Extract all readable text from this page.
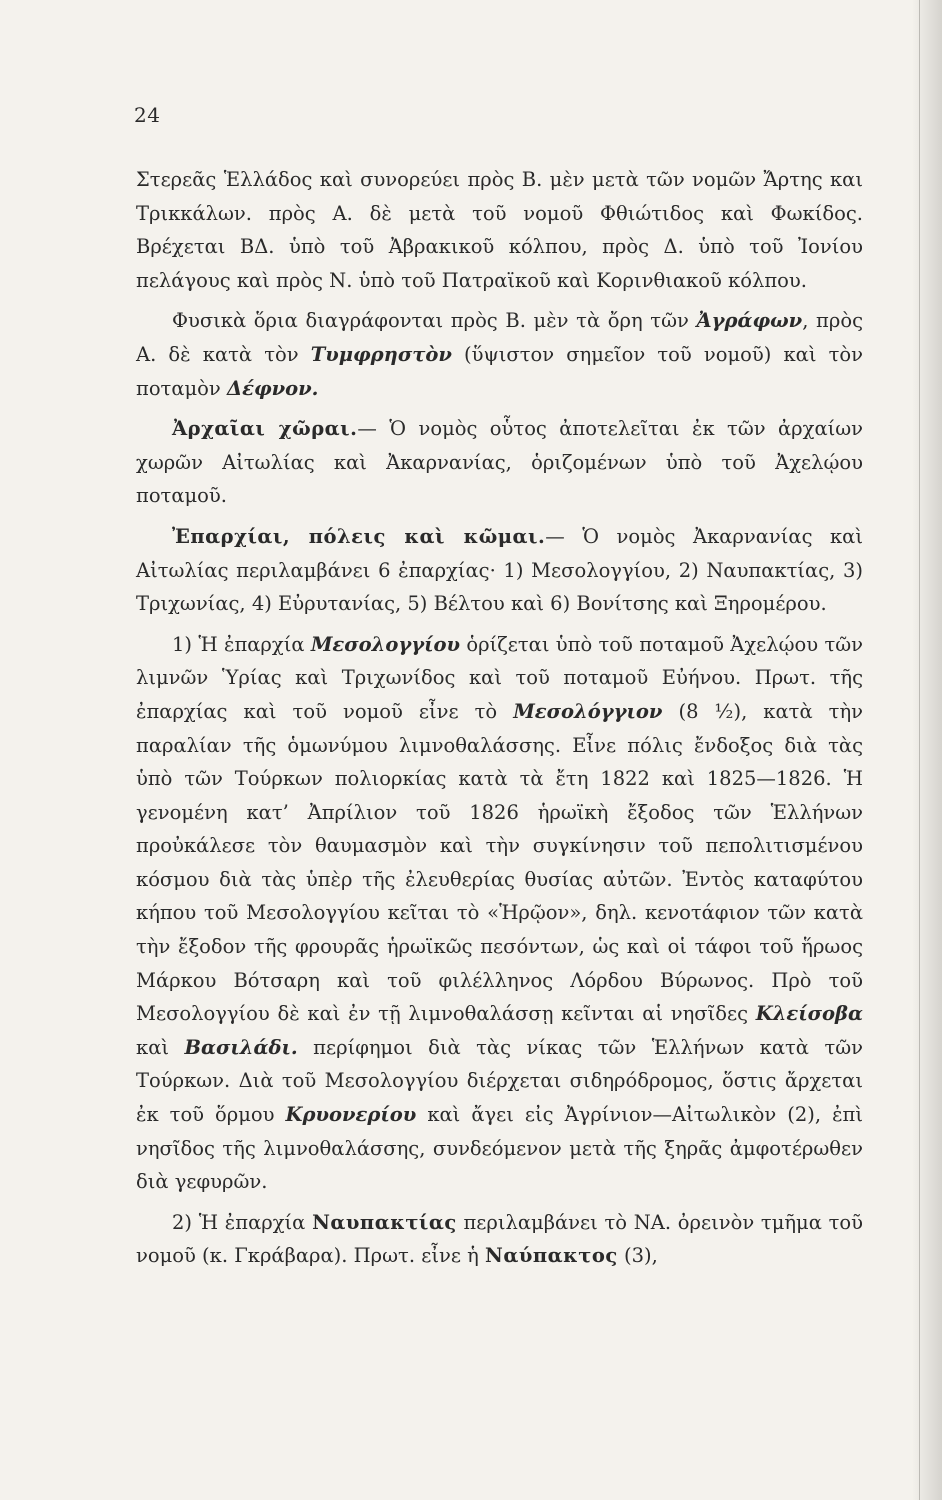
24

Στερεᾶς Ἑλλάδος καὶ συνορεύει πρὸς Β. μὲν μετὰ τῶν νομῶν Ἄρτης και Τρικκάλων. πρὸς Α. δὲ μετὰ τοῦ νομοῦ Φθιώτιδος καὶ Φωκίδος. Βρέχεται ΒΔ. ὑπὸ τοῦ Ἀβρακικοῦ κόλπου, πρὸς Δ. ὑπὸ τοῦ Ἰονίου πελάγους καὶ πρὸς Ν. ὑπὸ τοῦ Πατραϊκοῦ καὶ Κορινθιακοῦ κόλπου.

Φυσικὰ ὅρια διαγράφονται πρὸς Β. μὲν τὰ ὄρη τῶν Ἀγράφων, πρὸς Α. δὲ κατὰ τὸν Τυμφρηστὸν (ὕψιστον σημεῖον τοῦ νομοῦ) καὶ τὸν ποταμὸν Δέφνον.

Ἀρχαῖαι χῶραι.— Ὁ νομὸς οὗτος ἀποτελεῖται ἐκ τῶν ἀρχαίων χωρῶν Αἰτωλίας καὶ Ἀκαρνανίας, ὁριζομένων ὑπὸ τοῦ Ἀχελῴου ποταμοῦ.

Ἐπαρχίαι, πόλεις καὶ κῶμαι.— Ὁ νομὸς Ἀκαρνανίας καὶ Αἰτωλίας περιλαμβάνει 6 ἐπαρχίας· 1) Μεσολογγίου, 2) Ναυπακτίας, 3) Τριχωνίας, 4) Εὐρυτανίας, 5) Βέλτου καὶ 6) Βονίτσης καὶ Ξηρομέρου.

1) Ἡ ἐπαρχία Μεσολογγίου ὁρίζεται ὑπὸ τοῦ ποταμοῦ Ἀχελῴου τῶν λιμνῶν Ὑρίας καὶ Τριχωνίδος καὶ τοῦ ποταμοῦ Εὐήνου. Πρωτ. τῆς ἐπαρχίας καὶ τοῦ νομοῦ εἶνε τὸ Μεσολόγγιον (8 ½), κατὰ τὴν παραλίαν τῆς ὁμωνύμου λιμνοθαλάσσης. Εἶνε πόλις ἔνδοξος διὰ τὰς ὑπὸ τῶν Τούρκων πολιορκίας κατὰ τὰ ἔτη 1822 καὶ 1825—1826. Ἡ γενομένη κατ’ Ἀπρίλιον τοῦ 1826 ἡρωϊκὴ ἔξοδος τῶν Ἑλλήνων προὐκάλεσε τὸν θαυμασμὸν καὶ τὴν συγκίνησιν τοῦ πεπολιτισμένου κόσμου διὰ τὰς ὑπὲρ τῆς ἐλευθερίας θυσίας αὐτῶν. Ἐντὸς καταφύτου κήπου τοῦ Μεσολογγίου κεῖται τὸ «Ἡρῷον», δηλ. κενοτάφιον τῶν κατὰ τὴν ἔξοδον τῆς φρουρᾶς ἡρωϊκῶς πεσόντων, ὡς καὶ οἱ τάφοι τοῦ ἥρωος Μάρκου Βότσαρη καὶ τοῦ φιλέλληνος Λόρδου Βύρωνος. Πρὸ τοῦ Μεσολογγίου δὲ καὶ ἐν τῇ λιμνοθαλάσσῃ κεῖνται αἱ νησῖδες Κλείσοβα καὶ Βασιλάδι. περίφημοι διὰ τὰς νίκας τῶν Ἑλλήνων κατὰ τῶν Τούρκων. Διὰ τοῦ Μεσολογγίου διέρχεται σιδηρόδρομος, ὅστις ἄρχεται ἐκ τοῦ ὅρμου Κρυονερίου καὶ ἄγει εἰς Ἀγρίνιον—Αἰτωλικὸν (2), ἐπὶ νησῖδος τῆς λιμνοθαλάσσης, συνδεόμενον μετὰ τῆς ξηρᾶς ἀμφοτέρωθεν διὰ γεφυρῶν.

2) Ἡ ἐπαρχία Ναυπακτίας περιλαμβάνει τὸ ΝΑ. ὀρεινὸν τμῆμα τοῦ νομοῦ (κ. Γκράβαρα). Πρωτ. εἶνε ἡ Ναύπακτος (3),
